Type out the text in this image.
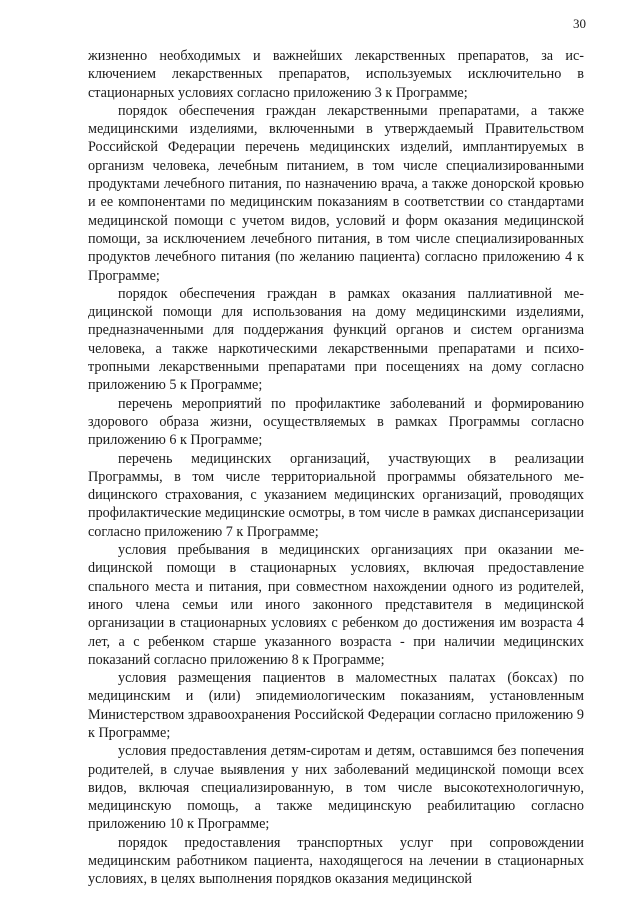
30

жизненно необходимых и важнейших лекарственных препаратов, за исключением лекарственных препаратов, используемых исключительно в стационарных условиях согласно приложению 3 к Программе;

порядок обеспечения граждан лекарственными препаратами, а также медицинскими изделиями, включенными в утверждаемый Правительством Российской Федерации перечень медицинских изделий, имплантируемых в организм человека, лечебным питанием, в том числе специализированными продуктами лечебного питания, по назначению врача, а также донорской кровью и ее компонентами по медицинским показаниям в соответствии со стандартами медицинской помощи с учетом видов, условий и форм оказания медицинской помощи, за исключением лечебного питания, в том числе специализированных продуктов лечебного питания (по желанию пациента) согласно приложению 4 к Программе;

порядок обеспечения граждан в рамках оказания паллиативной медицинской помощи для использования на дому медицинскими изделиями, предназначенными для поддержания функций органов и систем организма человека, а также наркотическими лекарственными препаратами и психотропными лекарственными препаратами при посещениях на дому согласно приложению 5 к Программе;

перечень мероприятий по профилактике заболеваний и формированию здорового образа жизни, осуществляемых в рамках Программы согласно приложению 6 к Программе;

перечень медицинских организаций, участвующих в реализации Программы, в том числе территориальной программы обязательного меdицинского страхования, с указанием медицинских организаций, проводящих профилактические медицинские осмотры, в том числе в рамках диспансеризации согласно приложению 7 к Программе;

условия пребывания в медицинских организациях при оказании меdицинской помощи в стационарных условиях, включая предоставление спального места и питания, при совместном нахождении одного из родителей, иного члена семьи или иного законного представителя в медицинской организации в стационарных условиях с ребенком до достижения им возраста 4 лет, а с ребенком старше указанного возраста - при наличии медицинских показаний согласно приложению 8 к Программе;

условия размещения пациентов в маломестных палатах (боксах) по медицинским и (или) эпидемиологическим показаниям, установленным Министерством здравоохранения Российской Федерации согласно приложению 9 к Программе;

условия предоставления детям-сиротам и детям, оставшимся без попечения родителей, в случае выявления у них заболеваний медицинской помощи всех видов, включая специализированную, в том числе высокотехнологичную, медицинскую помощь, а также медицинскую реабилитацию согласно приложению 10 к Программе;

порядок предоставления транспортных услуг при сопровождении медицинским работником пациента, находящегося на лечении в стационарных условиях, в целях выполнения порядков оказания медицинской
